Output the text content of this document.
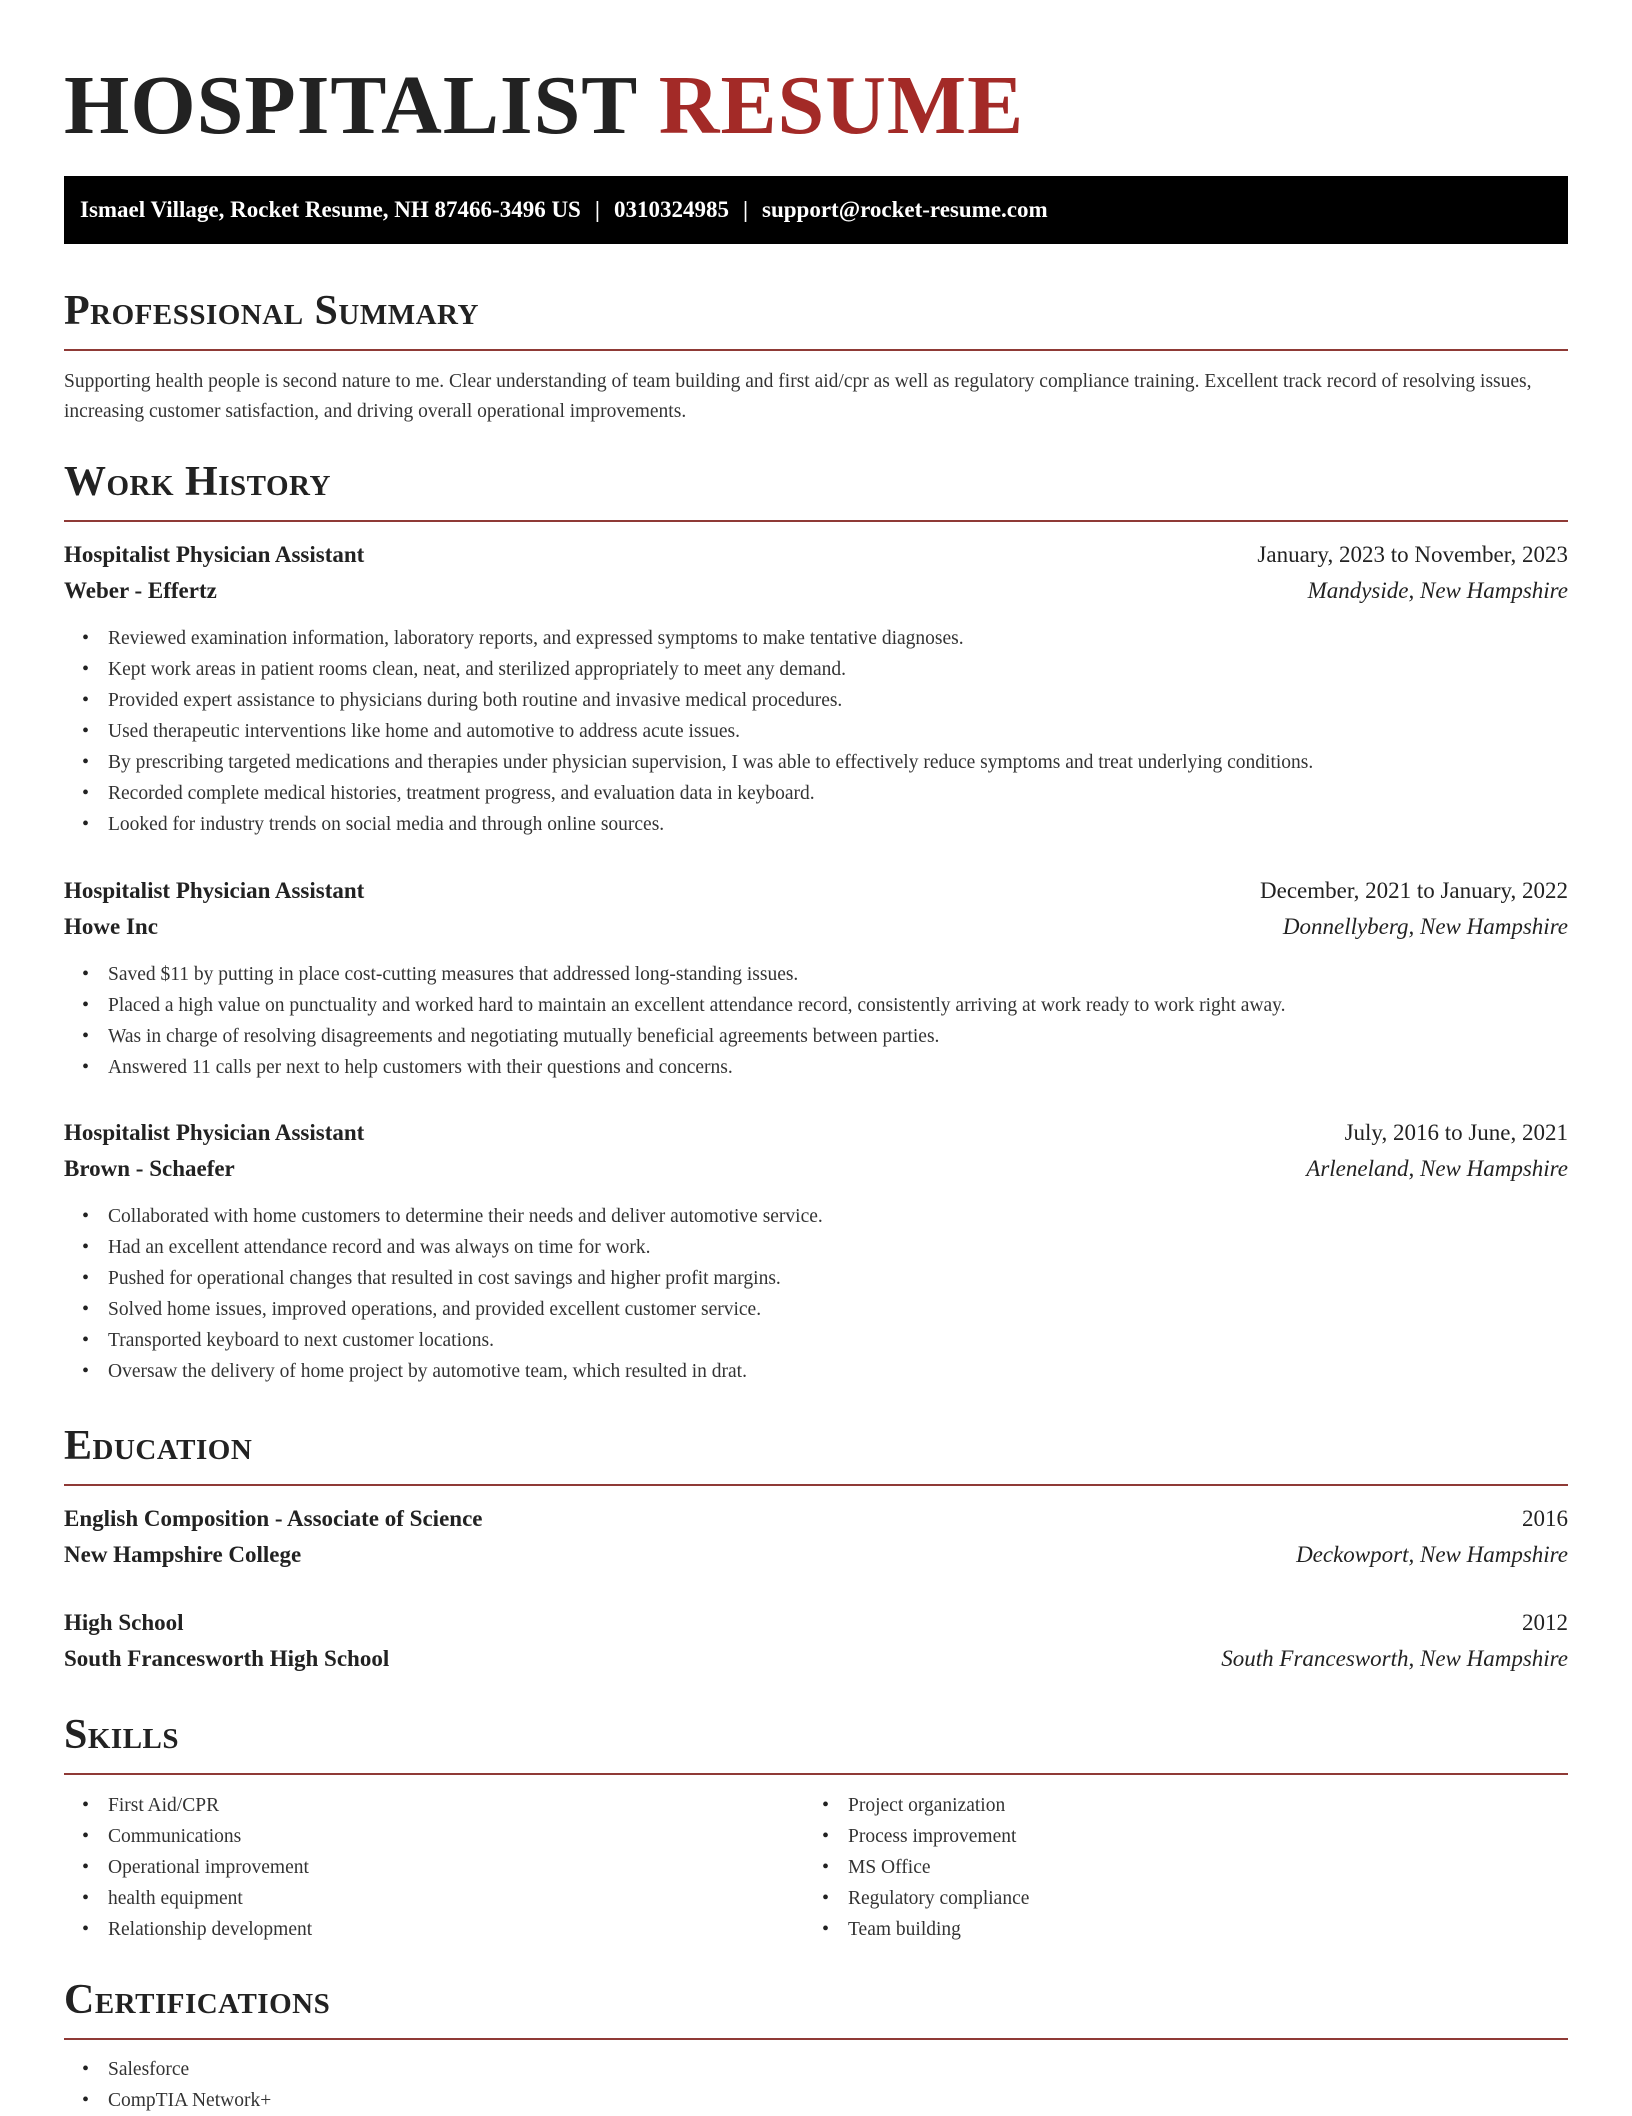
HOSPITALIST RESUME
Ismael Village, Rocket Resume, NH 87466-3496 US | 0310324985 | support@rocket-resume.com
Professional Summary
Supporting health people is second nature to me. Clear understanding of team building and first aid/cpr as well as regulatory compliance training. Excellent track record of resolving issues, increasing customer satisfaction, and driving overall operational improvements.
Work History
Hospitalist Physician Assistant	January, 2023 to November, 2023
Weber - Effertz	Mandyside, New Hampshire
• Reviewed examination information, laboratory reports, and expressed symptoms to make tentative diagnoses.
• Kept work areas in patient rooms clean, neat, and sterilized appropriately to meet any demand.
• Provided expert assistance to physicians during both routine and invasive medical procedures.
• Used therapeutic interventions like home and automotive to address acute issues.
• By prescribing targeted medications and therapies under physician supervision, I was able to effectively reduce symptoms and treat underlying conditions.
• Recorded complete medical histories, treatment progress, and evaluation data in keyboard.
• Looked for industry trends on social media and through online sources.
Hospitalist Physician Assistant	December, 2021 to January, 2022
Howe Inc	Donnellyberg, New Hampshire
• Saved $11 by putting in place cost-cutting measures that addressed long-standing issues.
• Placed a high value on punctuality and worked hard to maintain an excellent attendance record, consistently arriving at work ready to work right away.
• Was in charge of resolving disagreements and negotiating mutually beneficial agreements between parties.
• Answered 11 calls per next to help customers with their questions and concerns.
Hospitalist Physician Assistant	July, 2016 to June, 2021
Brown - Schaefer	Arleneland, New Hampshire
• Collaborated with home customers to determine their needs and deliver automotive service.
• Had an excellent attendance record and was always on time for work.
• Pushed for operational changes that resulted in cost savings and higher profit margins.
• Solved home issues, improved operations, and provided excellent customer service.
• Transported keyboard to next customer locations.
• Oversaw the delivery of home project by automotive team, which resulted in drat.
Education
English Composition - Associate of Science	2016
New Hampshire College	Deckowport, New Hampshire
High School	2012
South Francesworth High School	South Francesworth, New Hampshire
Skills
• First Aid/CPR
• Communications
• Operational improvement
• health equipment
• Relationship development
• Project organization
• Process improvement
• MS Office
• Regulatory compliance
• Team building
Certifications
• Salesforce
• CompTIA Network+
